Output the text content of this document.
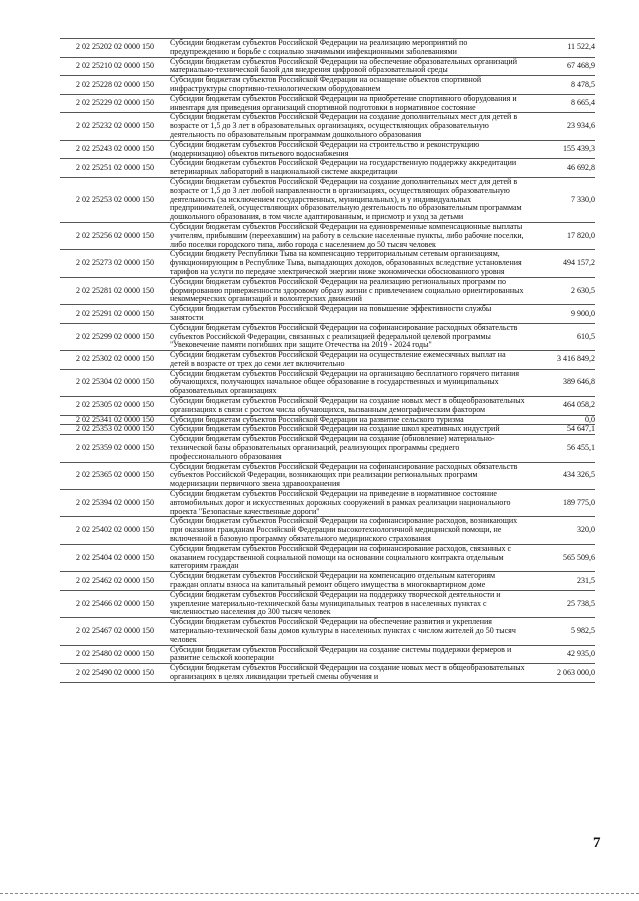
2 02 25202 02 0000 150	Субсидии бюджетам субъектов Российской Федерации на реализацию мероприятий по предупреждению и борьбе с социально значимыми инфекционными заболеваниями	11 522,4
2 02 25210 02 0000 150	Субсидии бюджетам субъектов Российской Федерации на обеспечение образовательных организаций материально-технической базой для внедрения цифровой образовательной среды	67 468,9
2 02 25228 02 0000 150	Субсидии бюджетам субъектов Российской Федерации на оснащение объектов спортивной инфраструктуры спортивно-технологическим оборудованием	8 478,5
2 02 25229 02 0000 150	Субсидии бюджетам субъектов Российской Федерации на приобретение спортивного оборудования и инвентаря для приведения организаций спортивной подготовки в нормативное состояние	8 665,4
2 02 25232 02 0000 150	Субсидии бюджетам субъектов Российской Федерации на создание дополнительных мест для детей в возрасте от 1,5 до 3 лет в образовательных организациях, осуществляющих образовательную деятельность по образовательным программам дошкольного образования	23 934,6
2 02 25243 02 0000 150	Субсидии бюджетам субъектов Российской Федерации на строительство и реконструкцию (модернизацию) объектов питьевого водоснабжения	155 439,3
2 02 25251 02 0000 150	Субсидии бюджетам субъектов Российской Федерации на государственную поддержку аккредитации ветеринарных лабораторий в национальной системе аккредитации	46 692,8
2 02 25253 02 0000 150	Субсидии бюджетам субъектов Российской Федерации на создание дополнительных мест для детей в возрасте от 1,5 до 3 лет любой направленности в организациях, осуществляющих образовательную деятельность (за исключением государственных, муниципальных), и у индивидуальных предпринимателей, осуществляющих образовательную деятельность по образовательным программам дошкольного образования, в том числе адаптированным, и присмотр и уход за детьми	7 330,0
2 02 25256 02 0000 150	Субсидии бюджетам субъектов Российской Федерации на единовременные компенсационные выплаты учителям, прибывшим (переехавшим) на работу в сельские населенные пункты, либо рабочие поселки, либо поселки городского типа, либо города с населением до 50 тысяч человек	17 820,0
2 02 25273 02 0000 150	Субсидии бюджету Республики Тыва на компенсацию территориальным сетевым организациям, функционирующим в Республике Тыва, выпадающих доходов, образованных вследствие установления тарифов на услуги по передаче электрической энергии ниже экономически обоснованного уровня	494 157,2
2 02 25281 02 0000 150	Субсидии бюджетам субъектов Российской Федерации на реализацию региональных программ по формированию приверженности здоровому образу жизни с привлечением социально ориентированных некоммерческих организаций и волонтерских движений	2 630,5
2 02 25291 02 0000 150	Субсидии бюджетам субъектов Российской Федерации на повышение эффективности службы занятости	9 900,0
2 02 25299 02 0000 150	Субсидии бюджетам субъектов Российской Федерации на софинансирование расходных обязательств субъектов Российской Федерации, связанных с реализацией федеральной целевой программы "Увековечение памяти погибших при защите Отечества на 2019 - 2024 годы"	610,5
2 02 25302 02 0000 150	Субсидии бюджетам субъектов Российской Федерации на осуществление ежемесячных выплат на детей в возрасте от трех до семи лет включительно	3 416 849,2
2 02 25304 02 0000 150	Субсидии бюджетам субъектов Российской Федерации на организацию бесплатного горячего питания обучающихся, получающих начальное общее образование в государственных и муниципальных образовательных организациях	389 646,8
2 02 25305 02 0000 150	Субсидии бюджетам субъектов Российской Федерации на создание новых мест в общеобразовательных организациях в связи с ростом числа обучающихся, вызванным демографическим фактором	464 058,2
2 02 25341 02 0000 150	Субсидии бюджетам субъектов Российской Федерации на развитие сельского туризма	0,0
2 02 25353 02 0000 150	Субсидии бюджетам субъектов Российской Федерации на создание школ креативных индустрий	54 647,1
2 02 25359 02 0000 150	Субсидии бюджетам субъектов Российской Федерации на создание (обновление) материально-технической базы образовательных организаций, реализующих программы среднего профессионального образования	56 455,1
2 02 25365 02 0000 150	Субсидии бюджетам субъектов Российской Федерации на софинансирование расходных обязательств субъектов Российской Федерации, возникающих при реализации региональных программ модернизации первичного звена здравоохранения	434 326,5
2 02 25394 02 0000 150	Субсидии бюджетам субъектов Российской Федерации на приведение в нормативное состояние автомобильных дорог и искусственных дорожных сооружений в рамках реализации национального проекта "Безопасные качественные дороги"	189 775,0
2 02 25402 02 0000 150	Субсидии бюджетам субъектов Российской Федерации на софинансирование расходов, возникающих при оказании гражданам Российской Федерации высокотехнологичной медицинской помощи, не включенной в базовую программу обязательного медицинского страхования	320,0
2 02 25404 02 0000 150	Субсидии бюджетам субъектов Российской Федерации на софинансирование расходов, связанных с оказанием государственной социальной помощи на основании социального контракта отдельным категориям граждан	565 509,6
2 02 25462 02 0000 150	Субсидии бюджетам субъектов Российской Федерации на компенсацию отдельным категориям граждан оплаты взноса на капитальный ремонт общего имущества в многоквартирном доме	231,5
2 02 25466 02 0000 150	Субсидии бюджетам субъектов Российской Федерации на поддержку творческой деятельности и укрепление материально-технической базы муниципальных театров в населенных пунктах с численностью населения до 300 тысяч человек	25 738,5
2 02 25467 02 0000 150	Субсидии бюджетам субъектов Российской Федерации на обеспечение развития и укрепления материально-технической базы домов культуры в населенных пунктах с числом жителей до 50 тысяч человек	5 982,5
2 02 25480 02 0000 150	Субсидии бюджетам субъектов Российской Федерации на создание системы поддержки фермеров и развитие сельской кооперации	42 935,0
2 02 25490 02 0000 150	Субсидии бюджетам субъектов Российской Федерации на создание новых мест в общеобразовательных организациях в целях ликвидации третьей смены обучения и	2 063 000,0
7
